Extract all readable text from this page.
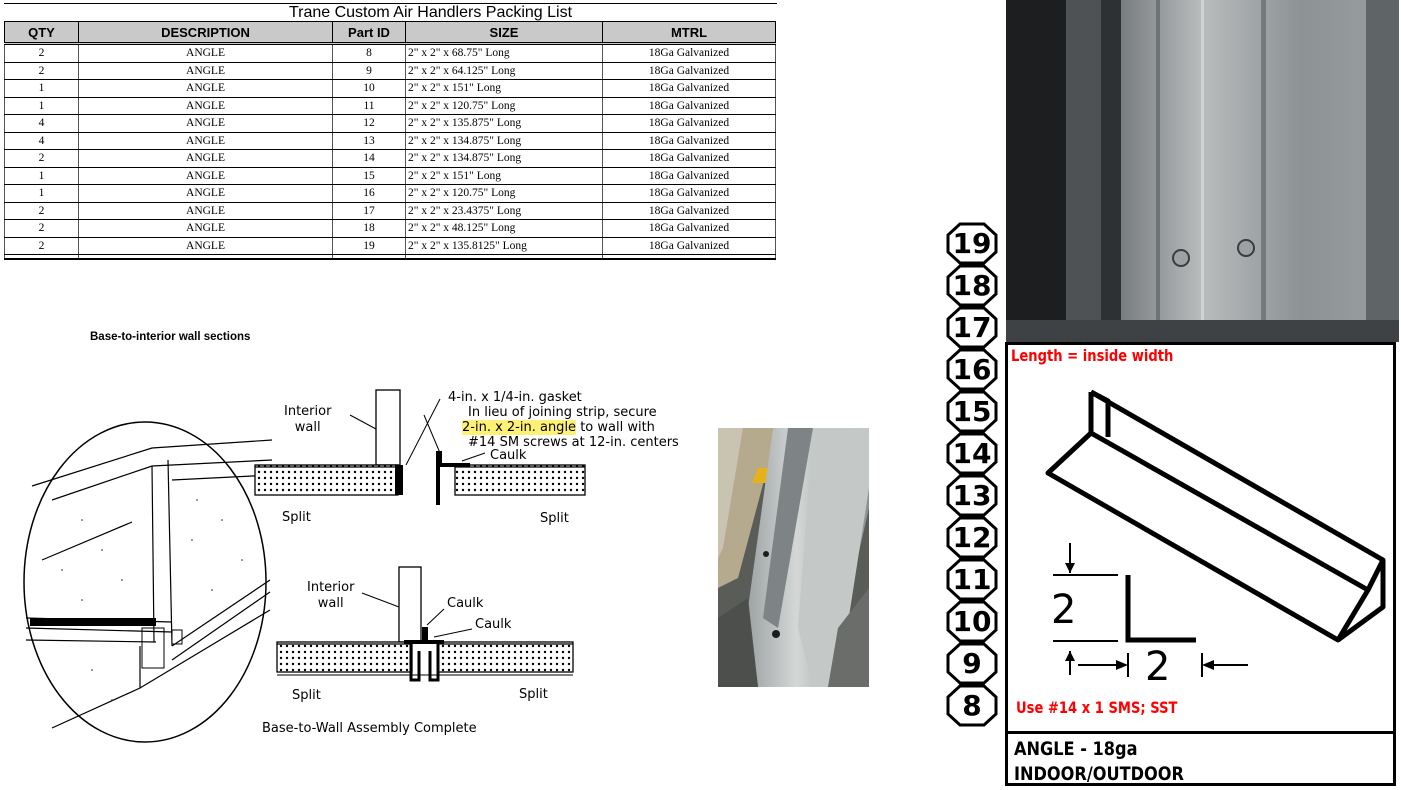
Trane Custom Air Handlers Packing List
QTY	DESCRIPTION	Part ID	SIZE	MTRL
2	ANGLE	8	2" x 2" x 68.75" Long	18Ga Galvanized
2	ANGLE	9	2" x 2" x 64.125" Long	18Ga Galvanized
1	ANGLE	10	2" x 2" x 151" Long	18Ga Galvanized
1	ANGLE	11	2" x 2" x 120.75" Long	18Ga Galvanized
4	ANGLE	12	2" x 2" x 135.875" Long	18Ga Galvanized
4	ANGLE	13	2" x 2" x 134.875" Long	18Ga Galvanized
2	ANGLE	14	2" x 2" x 134.875" Long	18Ga Galvanized
1	ANGLE	15	2" x 2" x 151" Long	18Ga Galvanized
1	ANGLE	16	2" x 2" x 120.75" Long	18Ga Galvanized
2	ANGLE	17	2" x 2" x 23.4375" Long	18Ga Galvanized
2	ANGLE	18	2" x 2" x 48.125" Long	18Ga Galvanized
2	ANGLE	19	2" x 2" x 135.8125" Long	18Ga Galvanized

Base-to-interior wall sections
Interior
wall
4-in. x 1/4-in. gasket
In lieu of joining strip, secure
2-in. x 2-in. angle to wall with
#14 SM screws at 12-in. centers
Caulk
Split	Split
Interior
wall	Caulk
Caulk
Split	Split
Base-to-Wall Assembly Complete
19
18
17
16
15
14
13
12
11
10
9
8
Length = inside width
2
2
Use #14 x 1 SMS; SST
ANGLE - 18ga
INDOOR/OUTDOOR
